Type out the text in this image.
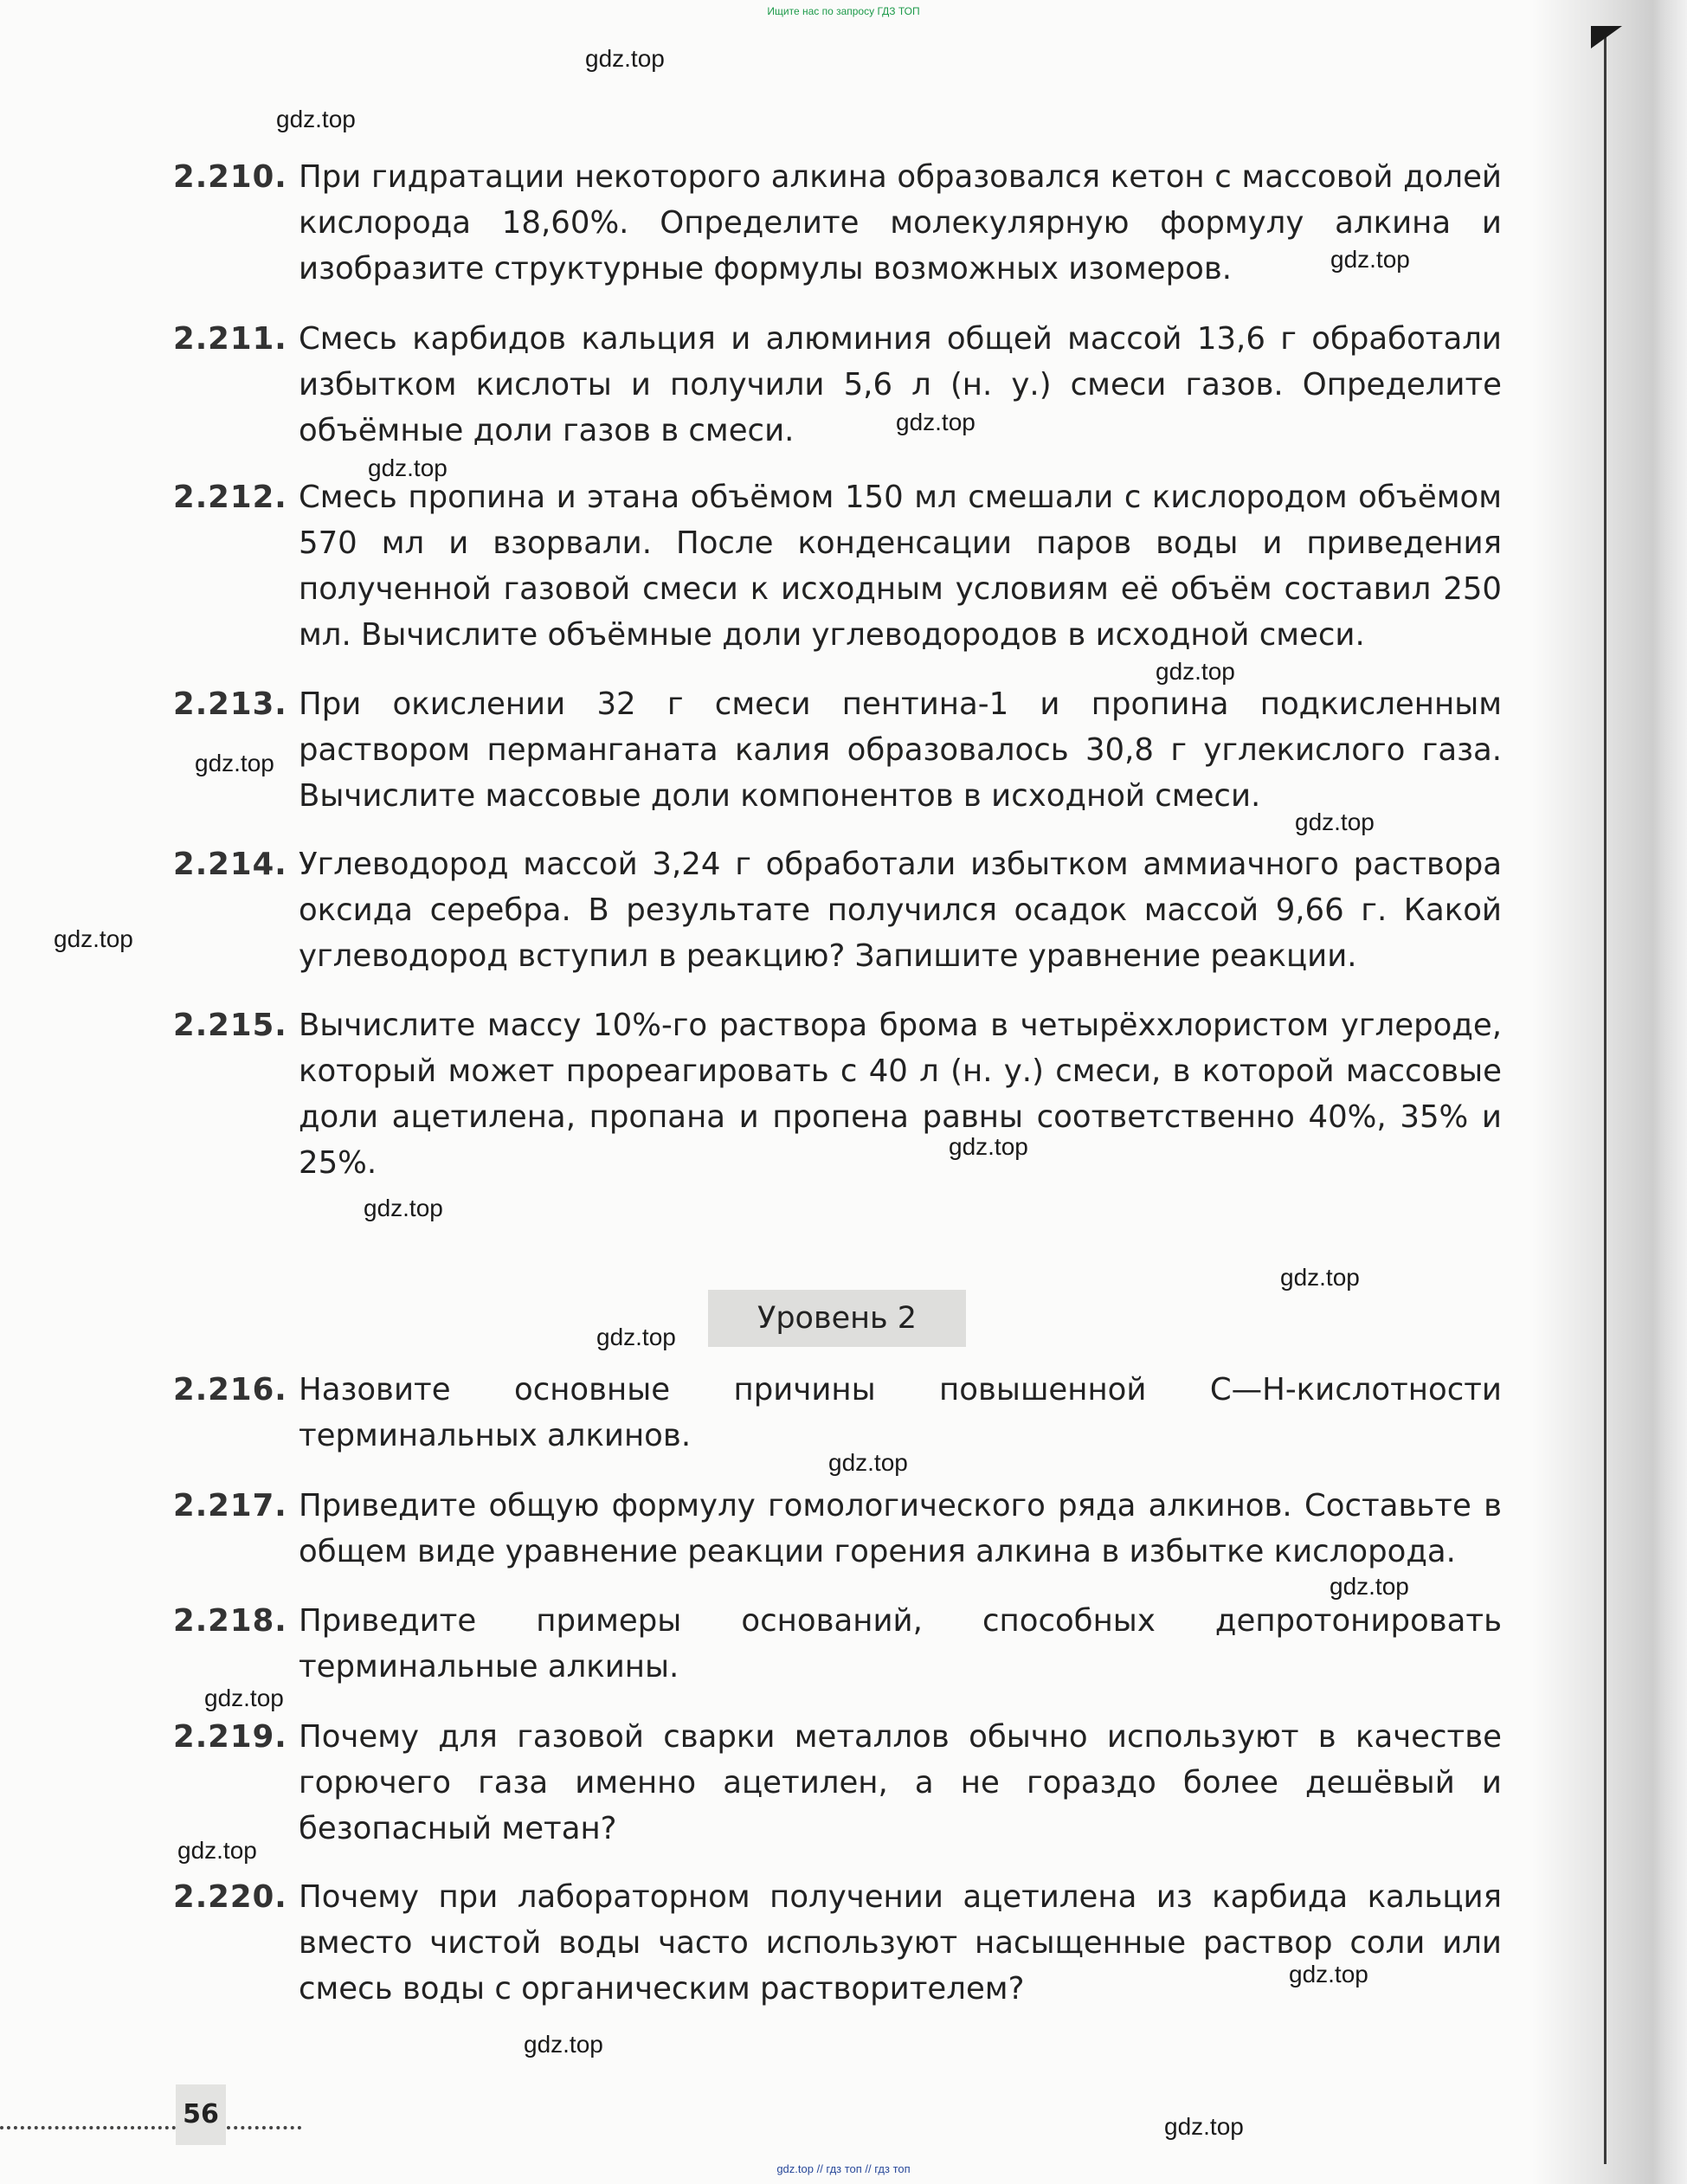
Ищите нас по запросу ГДЗ ТОП
2.210. При гидратации некоторого алкина образовался кетон с массовой долей кислорода 18,60%. Определите молекулярную формулу алкина и изобразите структурные формулы возможных изомеров.
2.211. Смесь карбидов кальция и алюминия общей массой 13,6 г обработали избытком кислоты и получили 5,6 л (н. у.) смеси газов. Определите объёмные доли газов в смеси.
2.212. Смесь пропина и этана объёмом 150 мл смешали с кислородом объёмом 570 мл и взорвали. После конденсации паров воды и приведения полученной газовой смеси к исходным условиям её объём составил 250 мл. Вычислите объёмные доли углеводородов в исходной смеси.
2.213. При окислении 32 г смеси пентина-1 и пропина подкисленным раствором перманганата калия образовалось 30,8 г углекислого газа. Вычислите массовые доли компонентов в исходной смеси.
2.214. Углеводород массой 3,24 г обработали избытком аммиачного раствора оксида серебра. В результате получился осадок массой 9,66 г. Какой углеводород вступил в реакцию? Запишите уравнение реакции.
2.215. Вычислите массу 10%-го раствора брома в четырёххлористом углероде, который может прореагировать с 40 л (н. у.) смеси, в которой массовые доли ацетилена, пропана и пропена равны соответственно 40%, 35% и 25%.
Уровень 2
2.216. Назовите основные причины повышенной C—H-кислотности терминальных алкинов.
2.217. Приведите общую формулу гомологического ряда алкинов. Составьте в общем виде уравнение реакции горения алкина в избытке кислорода.
2.218. Приведите примеры оснований, способных депротонировать терминальные алкины.
2.219. Почему для газовой сварки металлов обычно используют в качестве горючего газа именно ацетилен, а не гораздо более дешёвый и безопасный метан?
2.220. Почему при лабораторном получении ацетилена из карбида кальция вместо чистой воды часто используют насыщенные раствор соли или смесь воды с органическим растворителем?
gdz.top
gdz.top
gdz.top
gdz.top
gdz.top
gdz.top
gdz.top
gdz.top
gdz.top
gdz.top
gdz.top
gdz.top
gdz.top
gdz.top
gdz.top
gdz.top
gdz.top
gdz.top
gdz.top
gdz.top
56
gdz.top // гдз топ // гдз топ
